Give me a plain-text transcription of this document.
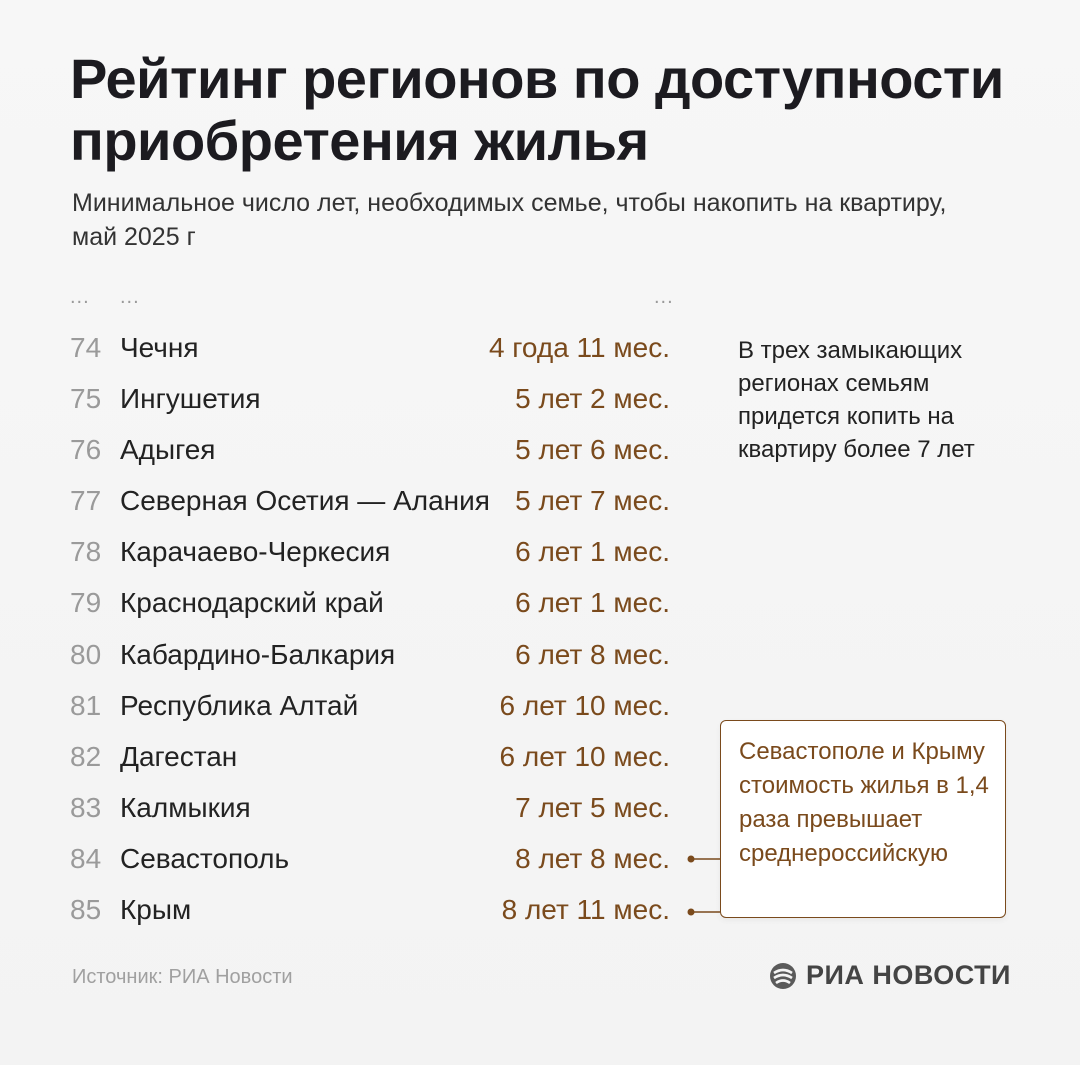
Рейтинг регионов по доступности приобретения жилья
Минимальное число лет, необходимых семье, чтобы накопить на квартиру, май 2025 г
... ...	...
74 Чечня	4 года 11 мес.
75 Ингушетия	5 лет 2 мес.
76 Адыгея	5 лет 6 мес.
77 Северная Осетия — Алания 5 лет 7 мес.
78 Карачаево-Черкесия	6 лет 1 мес.
79 Краснодарский край	6 лет 1 мес.
80 Кабардино-Балкария	6 лет 8 мес.
81 Республика Алтай	6 лет 10 мес.
82 Дагестан	6 лет 10 мес.
83 Калмыкия	7 лет 5 мес.
84 Севастополь	8 лет 8 мес.
85 Крым	8 лет 11 мес.
В трех замыкающих регионах семьям придется копить на квартиру более 7 лет
Севастополе и Крыму стоимость жилья в 1,4 раза превышает среднероссийскую
Источник: РИА Новости	РИА НОВОСТИ
